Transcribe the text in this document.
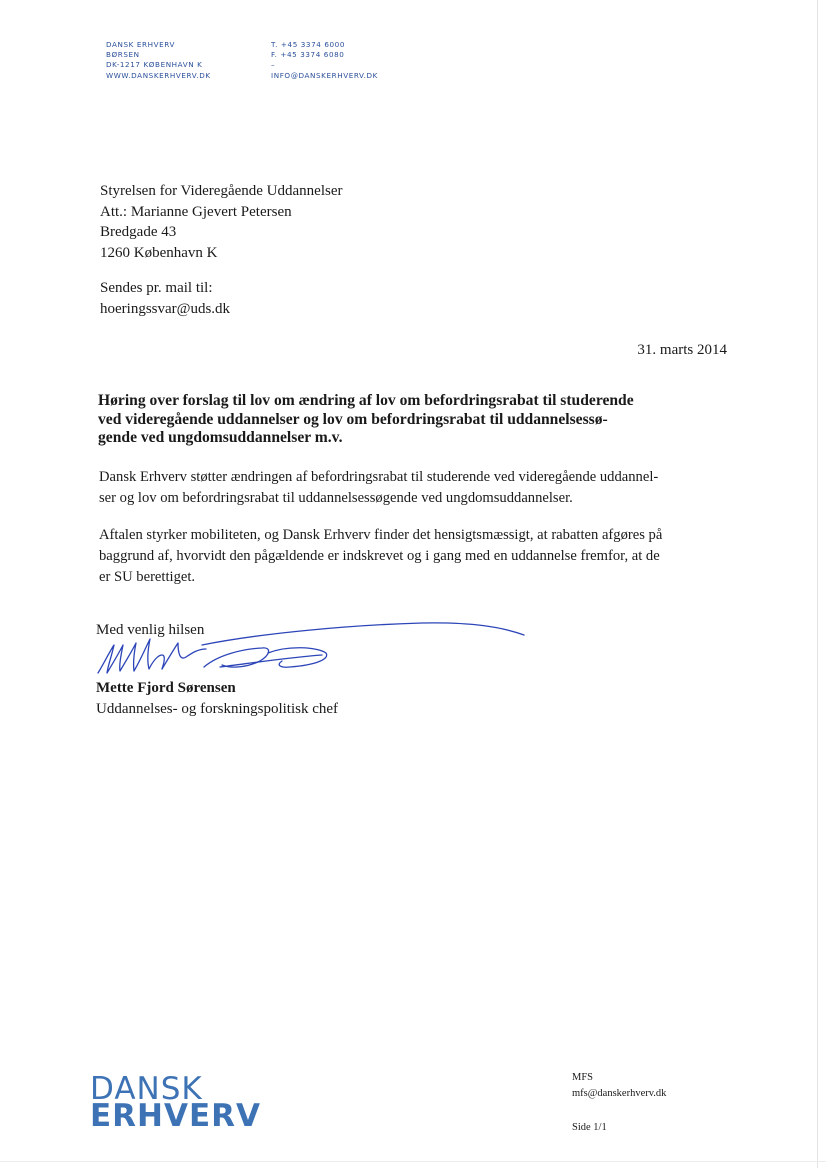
DANSK ERHVERV
BØRSEN
DK-1217 KØBENHAVN K
WWW.DANSKERHVERV.DK
T. +45 3374 6000
F. +45 3374 6080
–
INFO@DANSKERHVERV.DK
Styrelsen for Videregående Uddannelser
Att.: Marianne Gjevert Petersen
Bredgade 43
1260 København K
Sendes pr. mail til:
hoeringssvar@uds.dk
31. marts 2014
Høring over forslag til lov om ændring af lov om befordringsrabat til studerende
ved videregående uddannelser og lov om befordringsrabat til uddannelsessø-
gende ved ungdomsuddannelser m.v.
Dansk Erhverv støtter ændringen af befordringsrabat til studerende ved videregående uddannel-
ser og lov om befordringsrabat til uddannelsessøgende ved ungdomsuddannelser.
Aftalen styrker mobiliteten, og Dansk Erhverv finder det hensigtsmæssigt, at rabatten afgøres på
baggrund af, hvorvidt den pågældende er indskrevet og i gang med en uddannelse fremfor, at de
er SU berettiget.
Med venlig hilsen
Mette Fjord Sørensen
Uddannelses- og forskningspolitisk chef
DANSK
ERHVERV
MFS
mfs@danskerhverv.dk
Side 1/1
